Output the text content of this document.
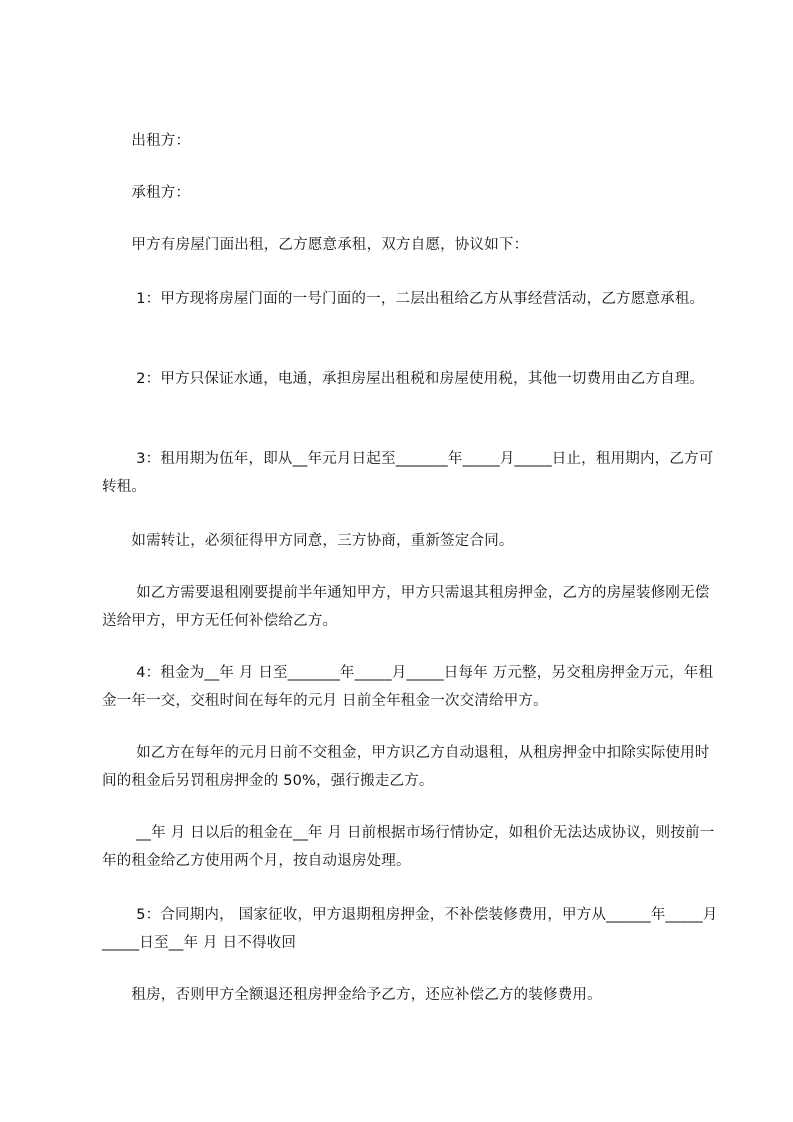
　　出租方：
　　承租方：
　　甲方有房屋门面出租，乙方愿意承租，双方自愿，协议如下：
　　 1：甲方现将房屋门面的一号门面的一，二层出租给乙方从事经营活动，乙方愿意承租。
　　 2：甲方只保证水通，电通，承担房屋出租税和房屋使用税，其他一切费用由乙方自理。
　　 3：租用期为伍年，即从__年元月日起至_______年_____月_____日止，租用期内，乙方可转租。
　　如需转让，必须征得甲方同意，三方协商，重新签定合同。
　　 如乙方需要退租刚要提前半年通知甲方，甲方只需退其租房押金，乙方的房屋装修刚无偿送给甲方，甲方无任何补偿给乙方。
　　 4：租金为__年 月 日至_______年_____月_____日每年 万元整，另交租房押金万元，年租金一年一交，交租时间在每年的元月 日前全年租金一次交清给甲方。
　　 如乙方在每年的元月日前不交租金，甲方识乙方自动退租，从租房押金中扣除实际使用时间的租金后另罚租房押金的 50%，强行搬走乙方。
　　 __年 月 日以后的租金在__年 月 日前根据市场行情协定，如租价无法达成协议，则按前一年的租金给乙方使用两个月，按自动退房处理。
　　 5：合同期内， 国家征收，甲方退期租房押金，不补偿装修费用，甲方从______年_____月_____日至__年 月 日不得收回
　　租房，否则甲方全额退还租房押金给予乙方，还应补偿乙方的装修费用。
